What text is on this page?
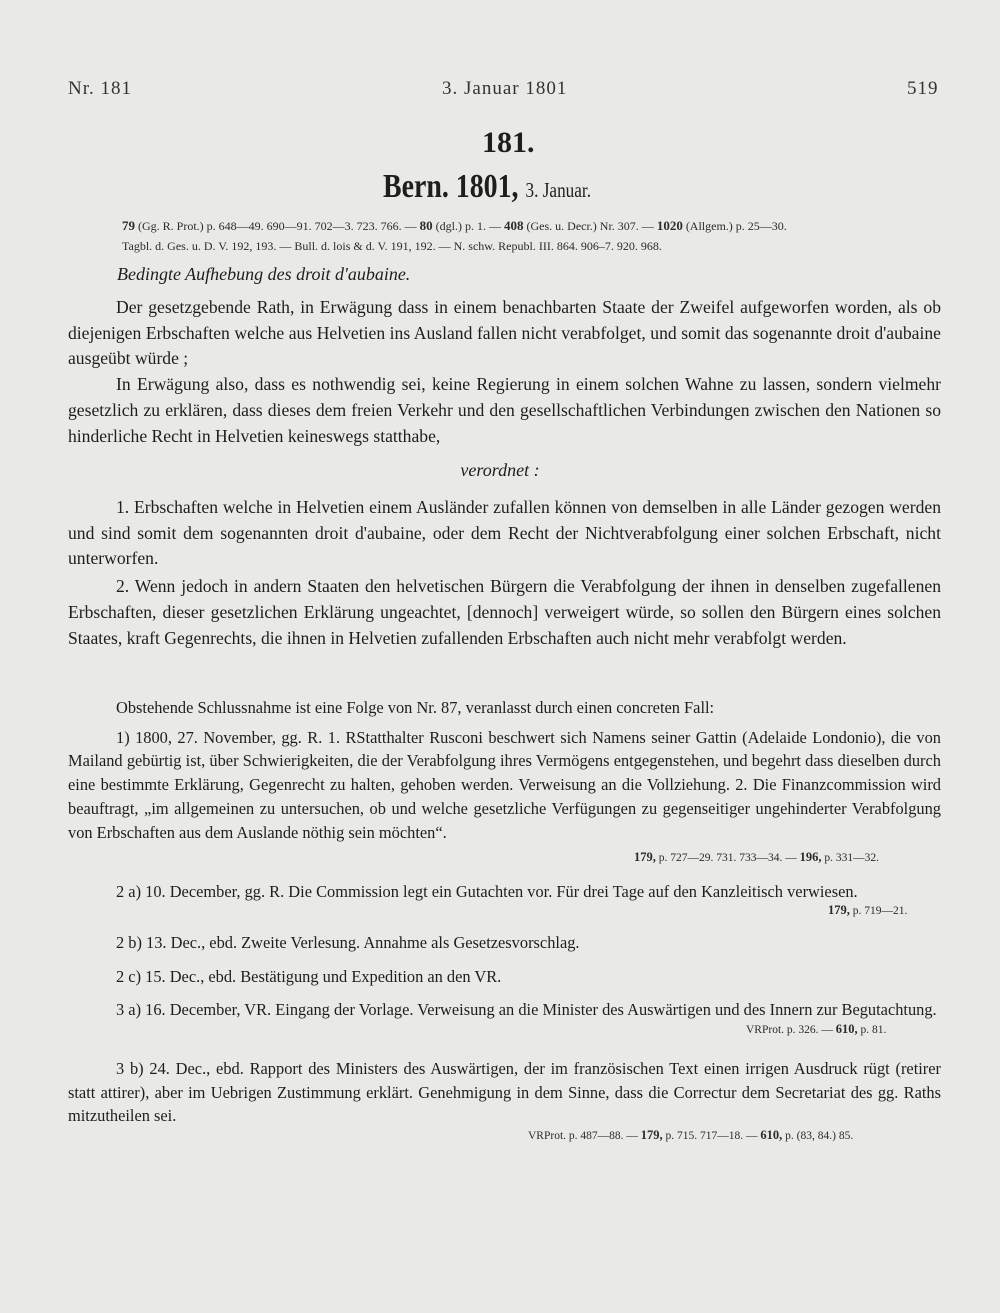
Nr. 181	3. Januar 1801	519
181.
Bern. 1801, 3. Januar.
79 (Gg. R. Prot.) p. 648—49. 690—91. 702—3. 723. 766. — 80 (dgl.) p. 1. — 408 (Ges. u. Decr.) Nr. 307. — 1020 (Allgem.) p. 25—30.
Tagbl. d. Ges. u. D. V. 192, 193. — Bull. d. lois & d. V. 191, 192. — N. schw. Republ. III. 864. 906–7. 920. 968.
Bedingte Aufhebung des droit d'aubaine.

Der gesetzgebende Rath, in Erwägung dass in einem benachbarten Staate der Zweifel aufgeworfen worden, als ob diejenigen Erbschaften welche aus Helvetien ins Ausland fallen nicht verabfolget, und somit das sogenannte droit d'aubaine ausgeübt würde ;

In Erwägung also, dass es nothwendig sei, keine Regierung in einem solchen Wahne zu lassen, sondern vielmehr gesetzlich zu erklären, dass dieses dem freien Verkehr und den gesellschaftlichen Verbindungen zwischen den Nationen so hinderliche Recht in Helvetien keineswegs statthabe,

verordnet :

1. Erbschaften welche in Helvetien einem Ausländer zufallen können von demselben in alle Länder gezogen werden und sind somit dem sogenannten droit d'aubaine, oder dem Recht der Nichtverabfolgung einer solchen Erbschaft, nicht unterworfen.

2. Wenn jedoch in andern Staaten den helvetischen Bürgern die Verabfolgung der ihnen in denselben zugefallenen Erbschaften, dieser gesetzlichen Erklärung ungeachtet, [dennoch] verweigert würde, so sollen den Bürgern eines solchen Staates, kraft Gegenrechts, die ihnen in Helvetien zufallenden Erbschaften auch nicht mehr verabfolgt werden.

Obstehende Schlussnahme ist eine Folge von Nr. 87, veranlasst durch einen concreten Fall:

1) 1800, 27. November, gg. R. 1. RStatthalter Rusconi beschwert sich Namens seiner Gattin (Adelaide Londonio), die von Mailand gebürtig ist, über Schwierigkeiten, die der Verabfolgung ihres Vermögens entgegenstehen, und begehrt dass dieselben durch eine bestimmte Erklärung, Gegenrecht zu halten, gehoben werden. Verweisung an die Vollziehung. 2. Die Finanzcommission wird beauftragt, „im allgemeinen zu untersuchen, ob und welche gesetzliche Verfügungen zu gegenseitiger ungehinderter Verabfolgung von Erbschaften aus dem Auslande nöthig sein möchten“.

179, p. 727—29. 731. 733—34. — 196, p. 331—32.

2 a) 10. December, gg. R. Die Commission legt ein Gutachten vor. Für drei Tage auf den Kanzleitisch verwiesen.

179, p. 719—21.

2 b) 13. Dec., ebd. Zweite Verlesung. Annahme als Gesetzesvorschlag.

2 c) 15. Dec., ebd. Bestätigung und Expedition an den VR.

3 a) 16. December, VR. Eingang der Vorlage. Verweisung an die Minister des Auswärtigen und des Innern zur Begutachtung.

VRProt. p. 326. — 610, p. 81.

3 b) 24. Dec., ebd. Rapport des Ministers des Auswärtigen, der im französischen Text einen irrigen Ausdruck rügt (retirer statt attirer), aber im Uebrigen Zustimmung erklärt. Genehmigung in dem Sinne, dass die Correctur dem Secretariat des gg. Raths mitzutheilen sei.

VRProt. p. 487—88. — 179, p. 715. 717—18. — 610, p. (83, 84.) 85.
